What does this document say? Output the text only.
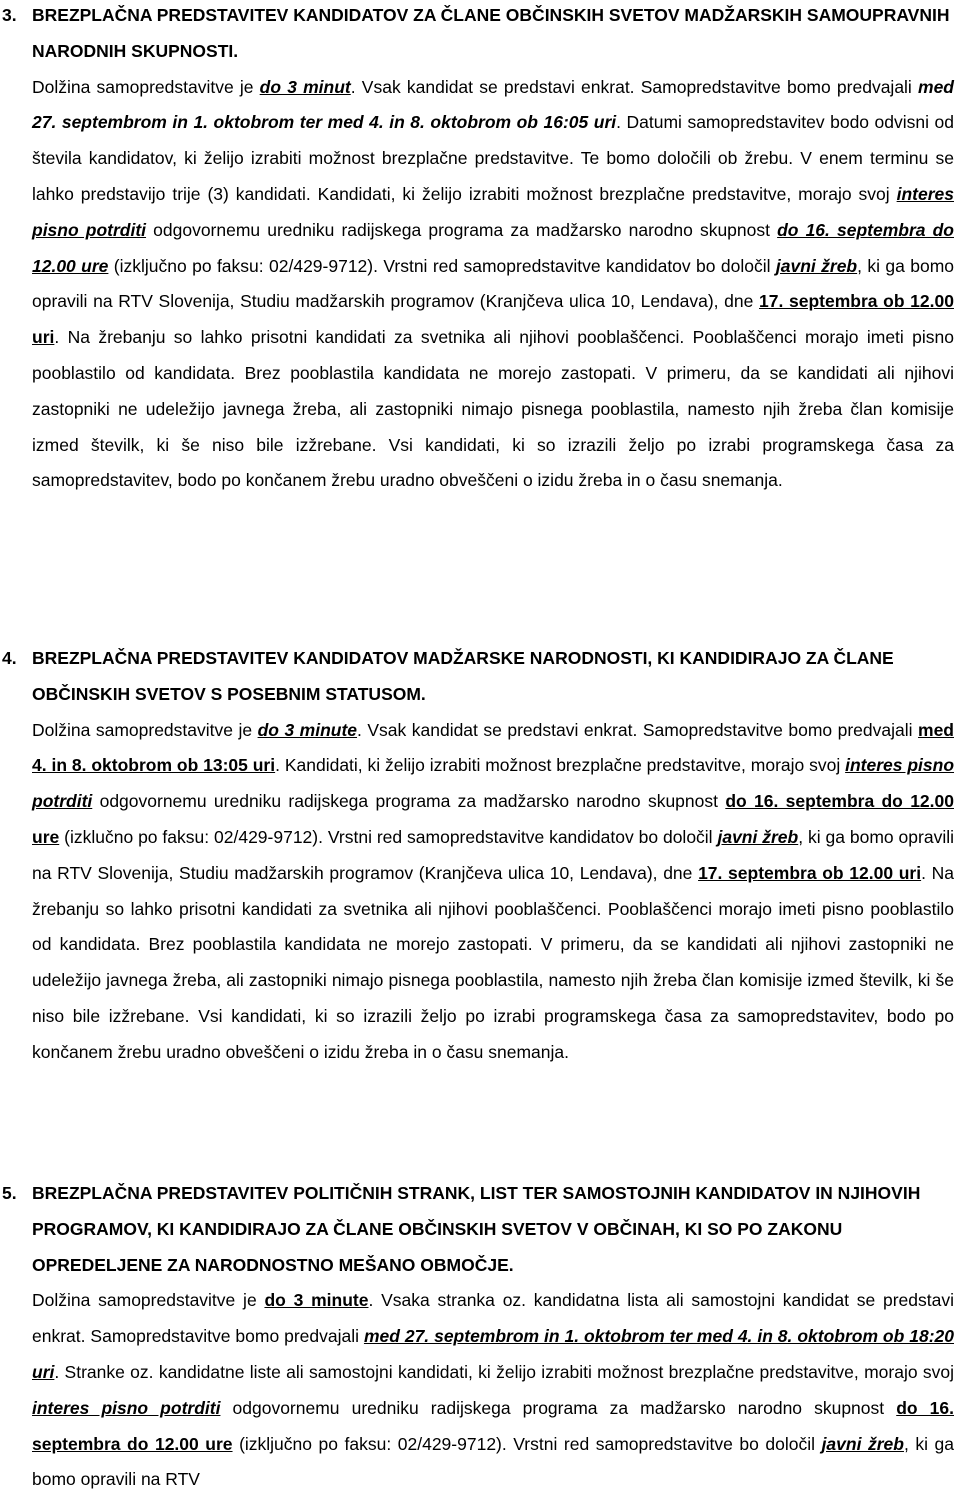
3. BREZPLAČNA PREDSTAVITEV KANDIDATOV ZA ČLANE OBČINSKIH SVETOV MADŽARSKIH SAMOUPRAVNIH NARODNIH SKUPNOSTI.
Dolžina samopredstavitve je do 3 minut. Vsak kandidat se predstavi enkrat. Samopredstavitve bomo predvajali med 27. septembrom in 1. oktobrom ter med 4. in 8. oktobrom ob 16:05 uri. Datumi samopredstavitev bodo odvisni od števila kandidatov, ki želijo izrabiti možnost brezplačne predstavitve. Te bomo določili ob žrebu. V enem terminu se lahko predstavijo trije (3) kandidati. Kandidati, ki želijo izrabiti možnost brezplačne predstavitve, morajo svoj interes pisno potrditi odgovornemu uredniku radijskega programa za madžarsko narodno skupnost do 16. septembra do 12.00 ure (izključno po faksu: 02/429-9712). Vrstni red samopredstavitve kandidatov bo določil javni žreb, ki ga bomo opravili na RTV Slovenija, Studiu madžarskih programov (Kranjčeva ulica 10, Lendava), dne 17. septembra ob 12.00 uri. Na žrebanju so lahko prisotni kandidati za svetnika ali njihovi pooblaščenci. Pooblaščenci morajo imeti pisno pooblastilo od kandidata. Brez pooblastila kandidata ne morejo zastopati. V primeru, da se kandidati ali njihovi zastopniki ne udeležijo javnega žreba, ali zastopniki nimajo pisnega pooblastila, namesto njih žreba član komisije izmed številk, ki še niso bile izžrebane. Vsi kandidati, ki so izrazili željo po izrabi programskega časa za samopredstavitev, bodo po končanem žrebu uradno obveščeni o izidu žreba in o času snemanja.
4. BREZPLAČNA PREDSTAVITEV KANDIDATOV MADŽARSKE NARODNOSTI, KI KANDIDIRAJO ZA ČLANE OBČINSKIH SVETOV S POSEBNIM STATUSOM.
Dolžina samopredstavitve je do 3 minute. Vsak kandidat se predstavi enkrat. Samopredstavitve bomo predvajali med 4. in 8. oktobrom ob 13:05 uri. Kandidati, ki želijo izrabiti možnost brezplačne predstavitve, morajo svoj interes pisno potrditi odgovornemu uredniku radijskega programa za madžarsko narodno skupnost do 16. septembra do 12.00 ure (izklučno po faksu: 02/429-9712). Vrstni red samopredstavitve kandidatov bo določil javni žreb, ki ga bomo opravili na RTV Slovenija, Studiu madžarskih programov (Kranjčeva ulica 10, Lendava), dne 17. septembra ob 12.00 uri. Na žrebanju so lahko prisotni kandidati za svetnika ali njihovi pooblaščenci. Pooblaščenci morajo imeti pisno pooblastilo od kandidata. Brez pooblastila kandidata ne morejo zastopati. V primeru, da se kandidati ali njihovi zastopniki ne udeležijo javnega žreba, ali zastopniki nimajo pisnega pooblastila, namesto njih žreba član komisije izmed številk, ki še niso bile izžrebane. Vsi kandidati, ki so izrazili željo po izrabi programskega časa za samopredstavitev, bodo po končanem žrebu uradno obveščeni o izidu žreba in o času snemanja.
5. BREZPLAČNA PREDSTAVITEV POLITIČNIH STRANK, LIST TER SAMOSTOJNIH KANDIDATOV IN NJIHOVIH PROGRAMOV, KI KANDIDIRAJO ZA ČLANE OBČINSKIH SVETOV V OBČINAH, KI SO PO ZAKONU OPREDELJENE ZA NARODNOSTNO MEŠANO OBMOČJE.
Dolžina samopredstavitve je do 3 minute. Vsaka stranka oz. kandidatna lista ali samostojni kandidat se predstavi enkrat. Samopredstavitve bomo predvajali med 27. septembrom in 1. oktobrom ter med 4. in 8. oktobrom ob 18:20 uri. Stranke oz. kandidatne liste ali samostojni kandidati, ki želijo izrabiti možnost brezplačne predstavitve, morajo svoj interes pisno potrditi odgovornemu uredniku radijskega programa za madžarsko narodno skupnost do 16. septembra do 12.00 ure (izključno po faksu: 02/429-9712). Vrstni red samopredstavitve bo določil javni žreb, ki ga bomo opravili na RTV
